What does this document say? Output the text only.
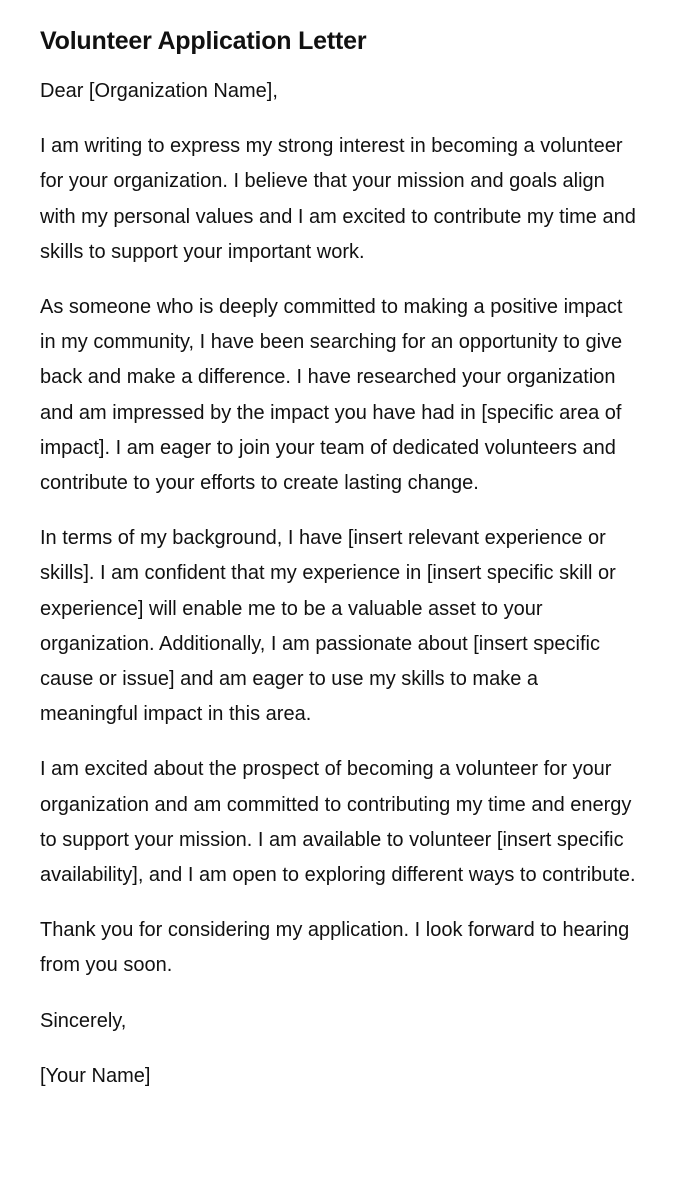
Volunteer Application Letter

Dear [Organization Name],

I am writing to express my strong interest in becoming a volunteer for your organization. I believe that your mission and goals align with my personal values and I am excited to contribute my time and skills to support your important work.

As someone who is deeply committed to making a positive impact in my community, I have been searching for an opportunity to give back and make a difference. I have researched your organization and am impressed by the impact you have had in [specific area of impact]. I am eager to join your team of dedicated volunteers and contribute to your efforts to create lasting change.

In terms of my background, I have [insert relevant experience or skills]. I am confident that my experience in [insert specific skill or experience] will enable me to be a valuable asset to your organization. Additionally, I am passionate about [insert specific cause or issue] and am eager to use my skills to make a meaningful impact in this area.

I am excited about the prospect of becoming a volunteer for your organization and am committed to contributing my time and energy to support your mission. I am available to volunteer [insert specific availability], and I am open to exploring different ways to contribute.

Thank you for considering my application. I look forward to hearing from you soon.

Sincerely,

[Your Name]
